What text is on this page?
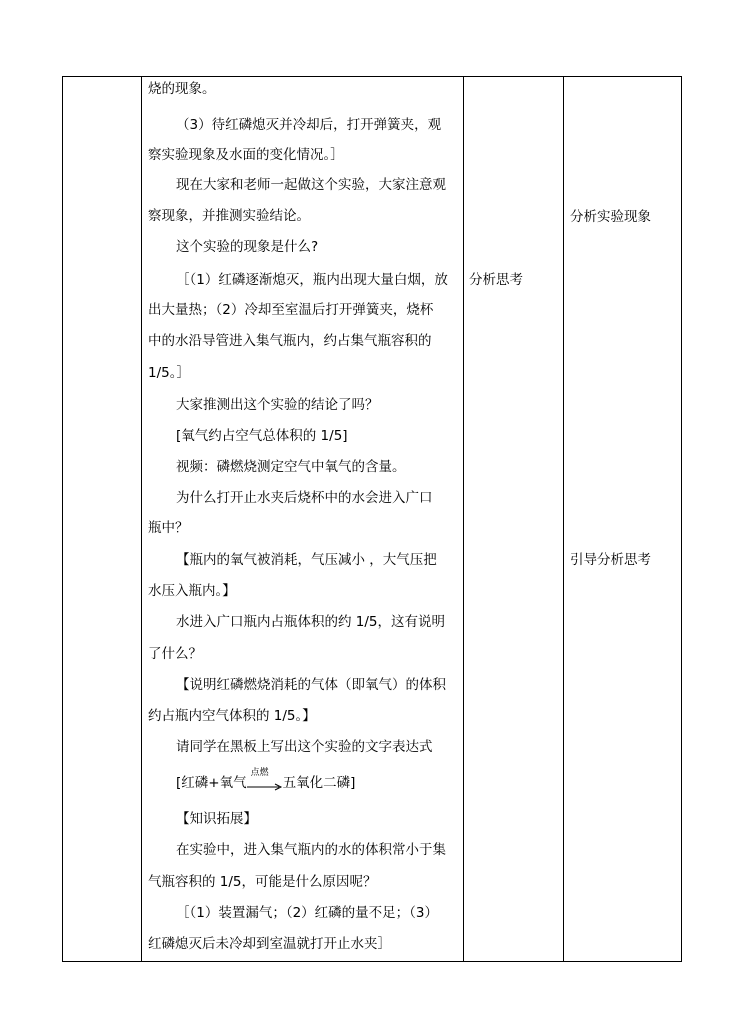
烧的现象。
（3）待红磷熄灭并冷却后，打开弹簧夹，观
察实验现象及水面的变化情况。］
现在大家和老师一起做这个实验，大家注意观
察现象，并推测实验结论。
这个实验的现象是什么?
［（1）红磷逐渐熄灭，瓶内出现大量白烟，放
出大量热；（2）冷却至室温后打开弹簧夹，烧杯
中的水沿导管进入集气瓶内，约占集气瓶容积的
1/5。］
大家推测出这个实验的结论了吗？
[氧气约占空气总体积的 1/5]
视频：磷燃烧测定空气中氧气的含量。
为什么打开止水夹后烧杯中的水会进入广口
瓶中？
【瓶内的氧气被消耗，气压减小 ，大气压把
水压入瓶内。】
水进入广口瓶内占瓶体积的约 1/5，这有说明
了什么？
【说明红磷燃烧消耗的气体（即氧气）的体积
约占瓶内空气体积的 1/5。】
请同学在黑板上写出这个实验的文字表达式
[红磷+氧气
点燃
五氧化二磷]
【知识拓展】
在实验中，进入集气瓶内的水的体积常小于集
气瓶容积的 1/5，可能是什么原因呢？
［（1）装置漏气；（2）红磷的量不足；（3）
红磷熄灭后未冷却到室温就打开止水夹］
分析思考
分析实验现象
引导分析思考
